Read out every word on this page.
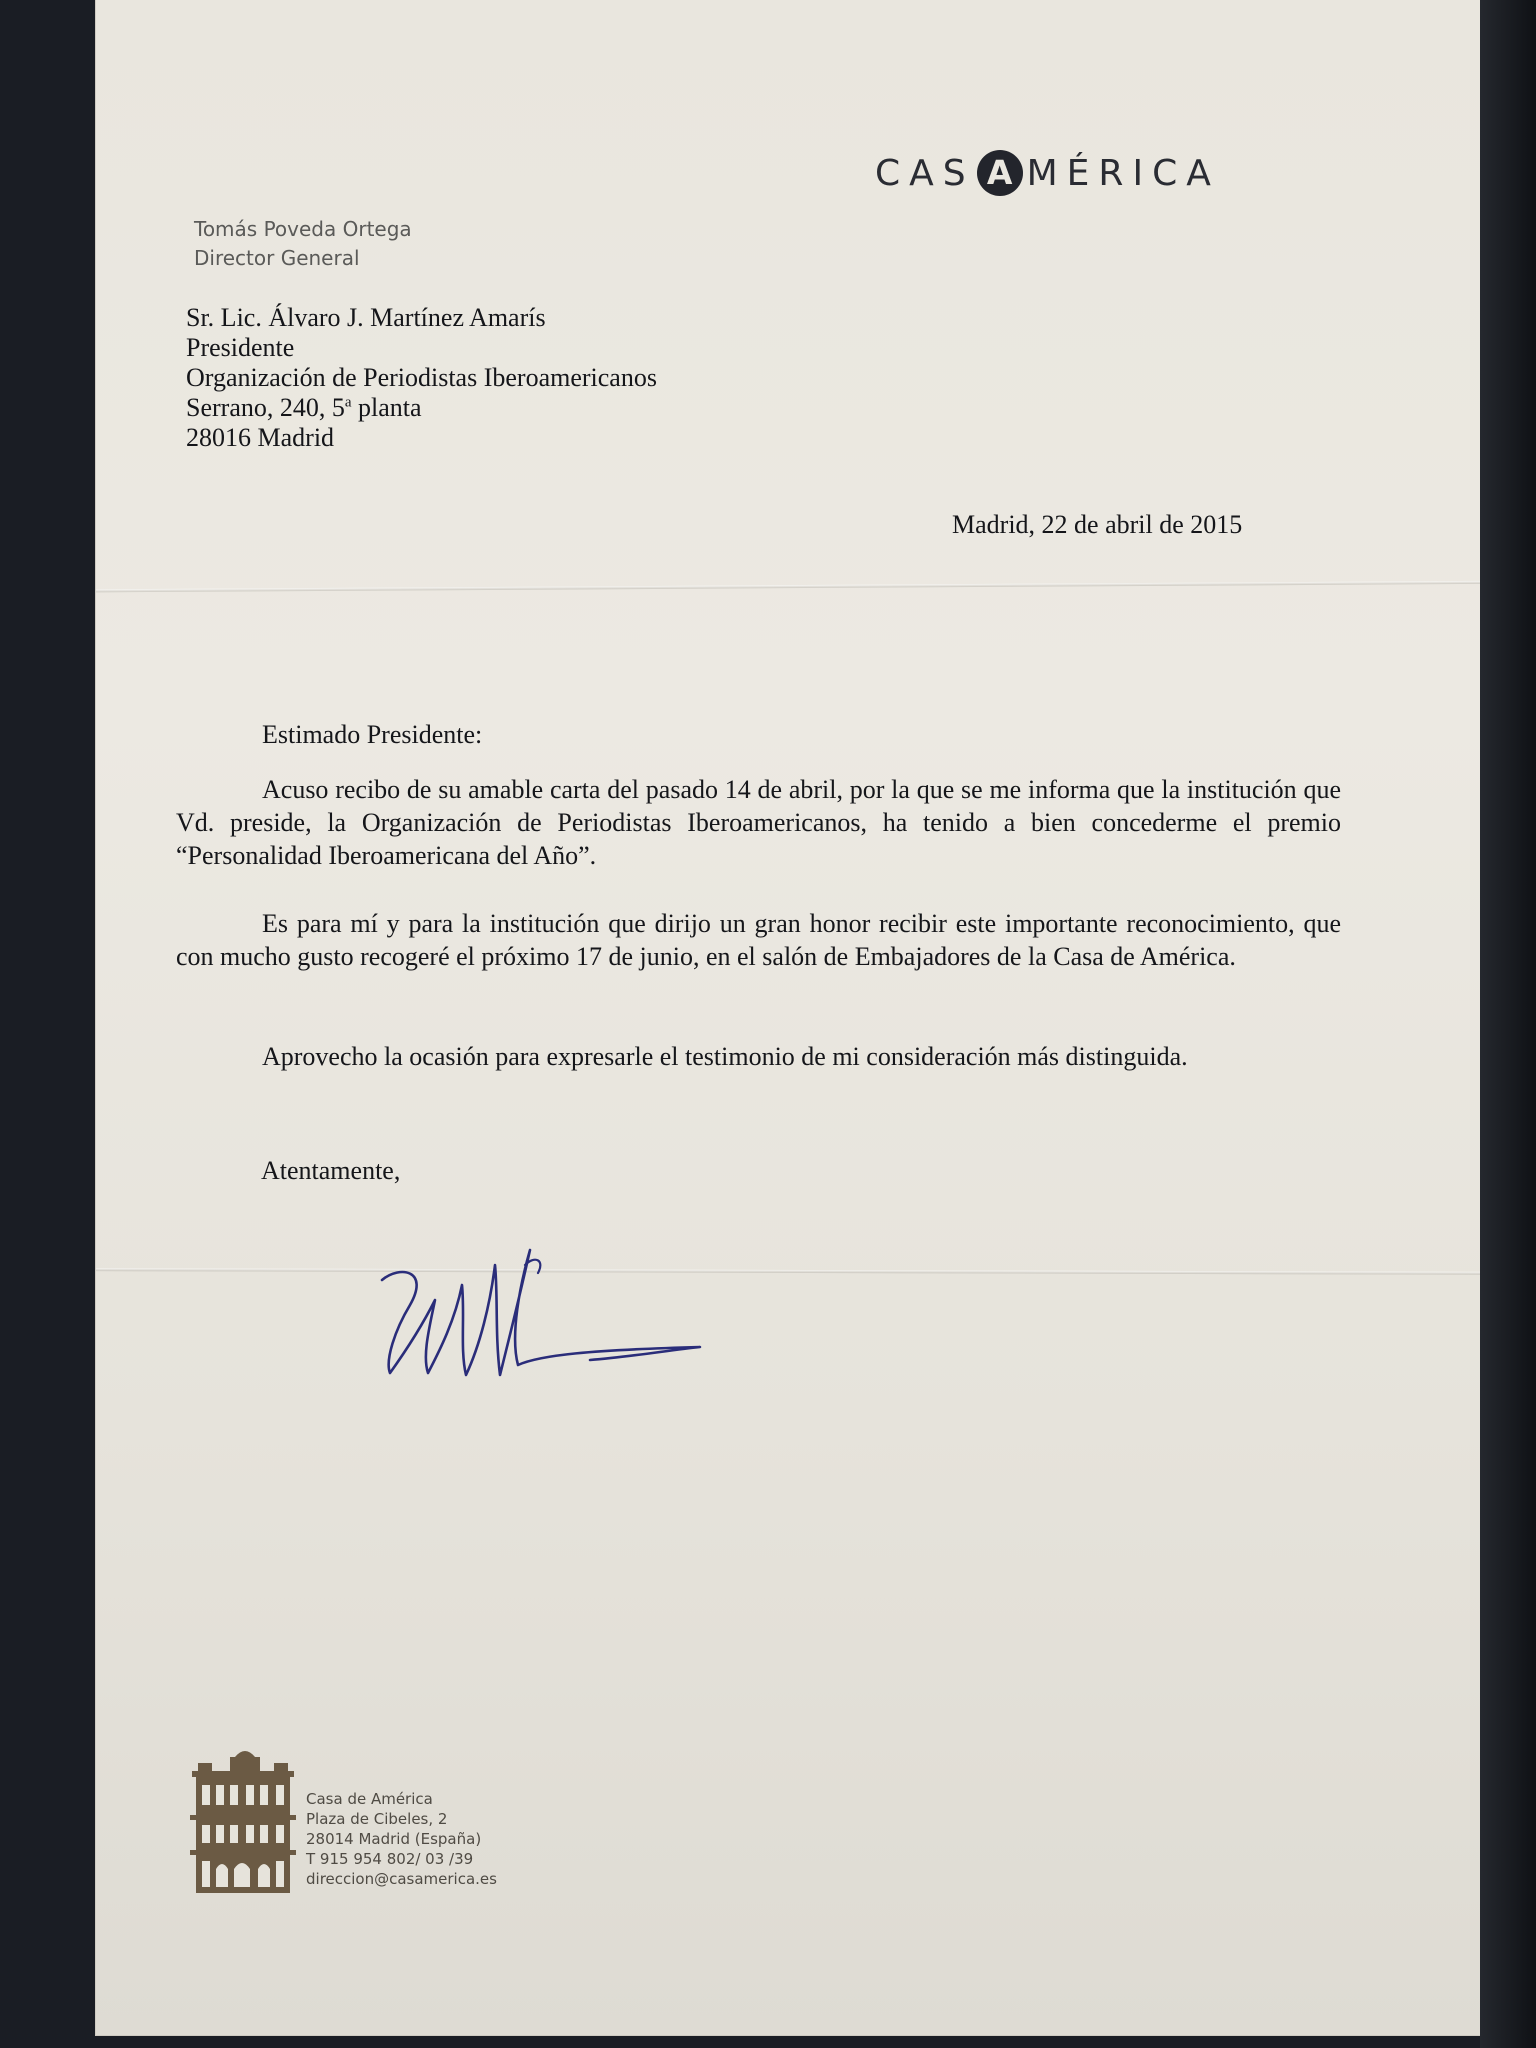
CAS A MÉRICA
Tomás Poveda Ortega
Director General
Sr. Lic. Álvaro J. Martínez Amarís
Presidente
Organización de Periodistas Iberoamericanos
Serrano, 240, 5$^a$ planta
28016 Madrid
Madrid, 22 de abril de 2015
Estimado Presidente:
Acuso recibo de su amable carta del pasado 14 de abril, por la que se me informa que la institución que Vd. preside, la Organización de Periodistas Iberoamericanos, ha tenido a bien concederme el premio “Personalidad Iberoamericana del Año”.
Es para mí y para la institución que dirijo un gran honor recibir este importante reconocimiento, que con mucho gusto recogeré el próximo 17 de junio, en el salón de Embajadores de la Casa de América.
Aprovecho la ocasión para expresarle el testimonio de mi consideración más distinguida.
Atentamente,
Casa de América
Plaza de Cibeles, 2
28014 Madrid (España)
T 915 954 802/ 03 /39
direccion@casamerica.es
